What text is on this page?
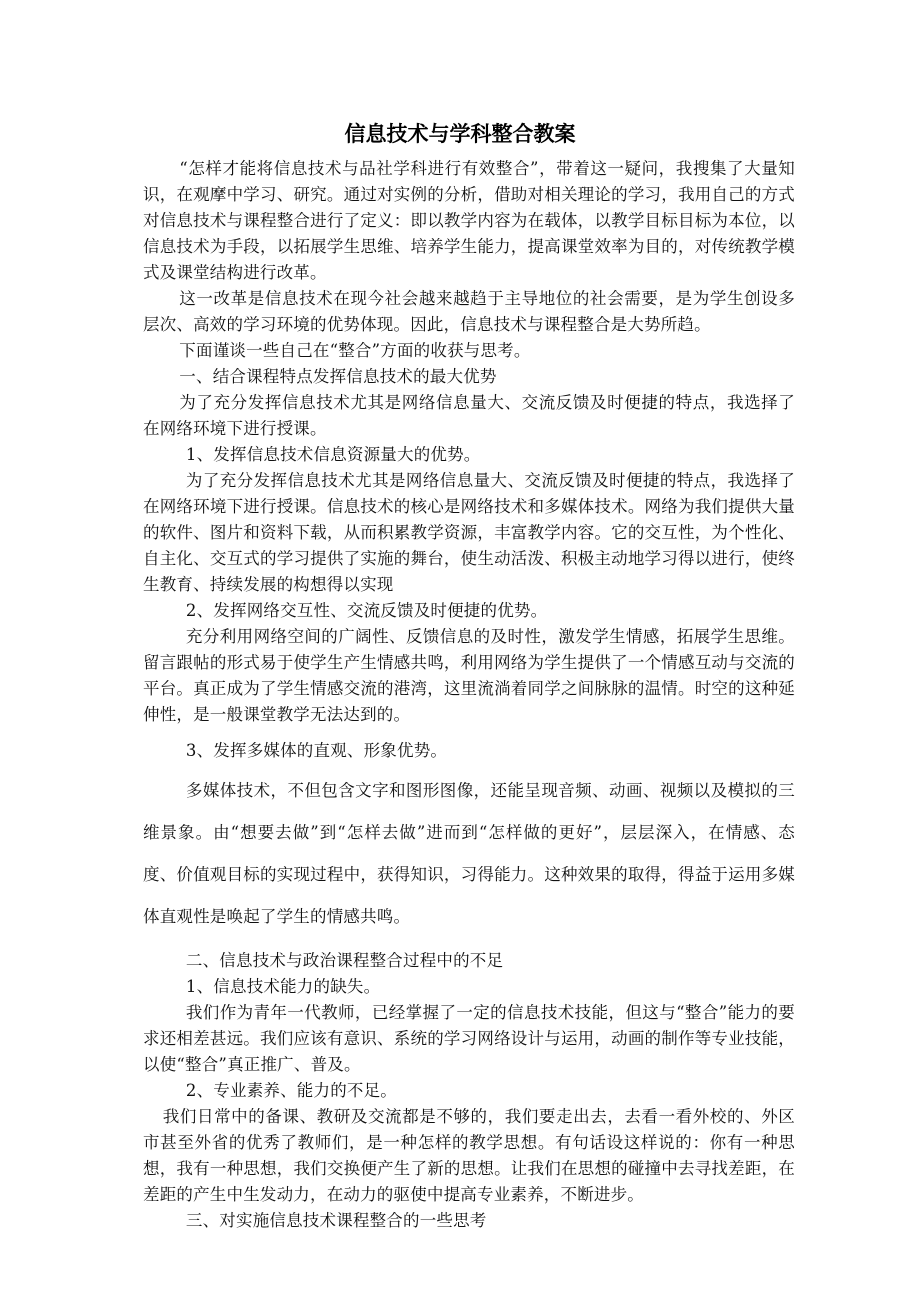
信息技术与学科整合教案

“怎样才能将信息技术与品社学科进行有效整合”，带着这一疑问，我搜集了大量知识，在观摩中学习、研究。通过对实例的分析，借助对相关理论的学习，我用自己的方式对信息技术与课程整合进行了定义：即以教学内容为在载体，以教学目标目标为本位，以信息技术为手段，以拓展学生思维、培养学生能力，提高课堂效率为目的，对传统教学模式及课堂结构进行改革。

这一改革是信息技术在现今社会越来越趋于主导地位的社会需要，是为学生创设多层次、高效的学习环境的优势体现。因此，信息技术与课程整合是大势所趋。

下面谨谈一些自己在“整合”方面的收获与思考。

一、结合课程特点发挥信息技术的最大优势

为了充分发挥信息技术尤其是网络信息量大、交流反馈及时便捷的特点，我选择了在网络环境下进行授课。

1、发挥信息技术信息资源量大的优势。

为了充分发挥信息技术尤其是网络信息量大、交流反馈及时便捷的特点，我选择了在网络环境下进行授课。信息技术的核心是网络技术和多媒体技术。网络为我们提供大量的软件、图片和资料下载，从而积累教学资源，丰富教学内容。它的交互性，为个性化、自主化、交互式的学习提供了实施的舞台，使生动活泼、积极主动地学习得以进行，使终生教育、持续发展的构想得以实现

2、发挥网络交互性、交流反馈及时便捷的优势。

充分利用网络空间的广阔性、反馈信息的及时性，激发学生情感，拓展学生思维。留言跟帖的形式易于使学生产生情感共鸣，利用网络为学生提供了一个情感互动与交流的平台。真正成为了学生情感交流的港湾，这里流淌着同学之间脉脉的温情。时空的这种延伸性，是一般课堂教学无法达到的。

3、发挥多媒体的直观、形象优势。

多媒体技术，不但包含文字和图形图像，还能呈现音频、动画、视频以及模拟的三维景象。由“想要去做”到“怎样去做”进而到“怎样做的更好”，层层深入，在情感、态度、价值观目标的实现过程中，获得知识，习得能力。这种效果的取得，得益于运用多媒体直观性是唤起了学生的情感共鸣。

二、信息技术与政治课程整合过程中的不足

1、信息技术能力的缺失。

我们作为青年一代教师，已经掌握了一定的信息技术技能，但这与“整合”能力的要求还相差甚远。我们应该有意识、系统的学习网络设计与运用，动画的制作等专业技能，以使“整合”真正推广、普及。

2、专业素养、能力的不足。

我们日常中的备课、教研及交流都是不够的，我们要走出去，去看一看外校的、外区市甚至外省的优秀了教师们，是一种怎样的教学思想。有句话设这样说的：你有一种思想，我有一种思想，我们交换便产生了新的思想。让我们在思想的碰撞中去寻找差距，在差距的产生中生发动力，在动力的驱使中提高专业素养，不断进步。

三、对实施信息技术课程整合的一些思考
